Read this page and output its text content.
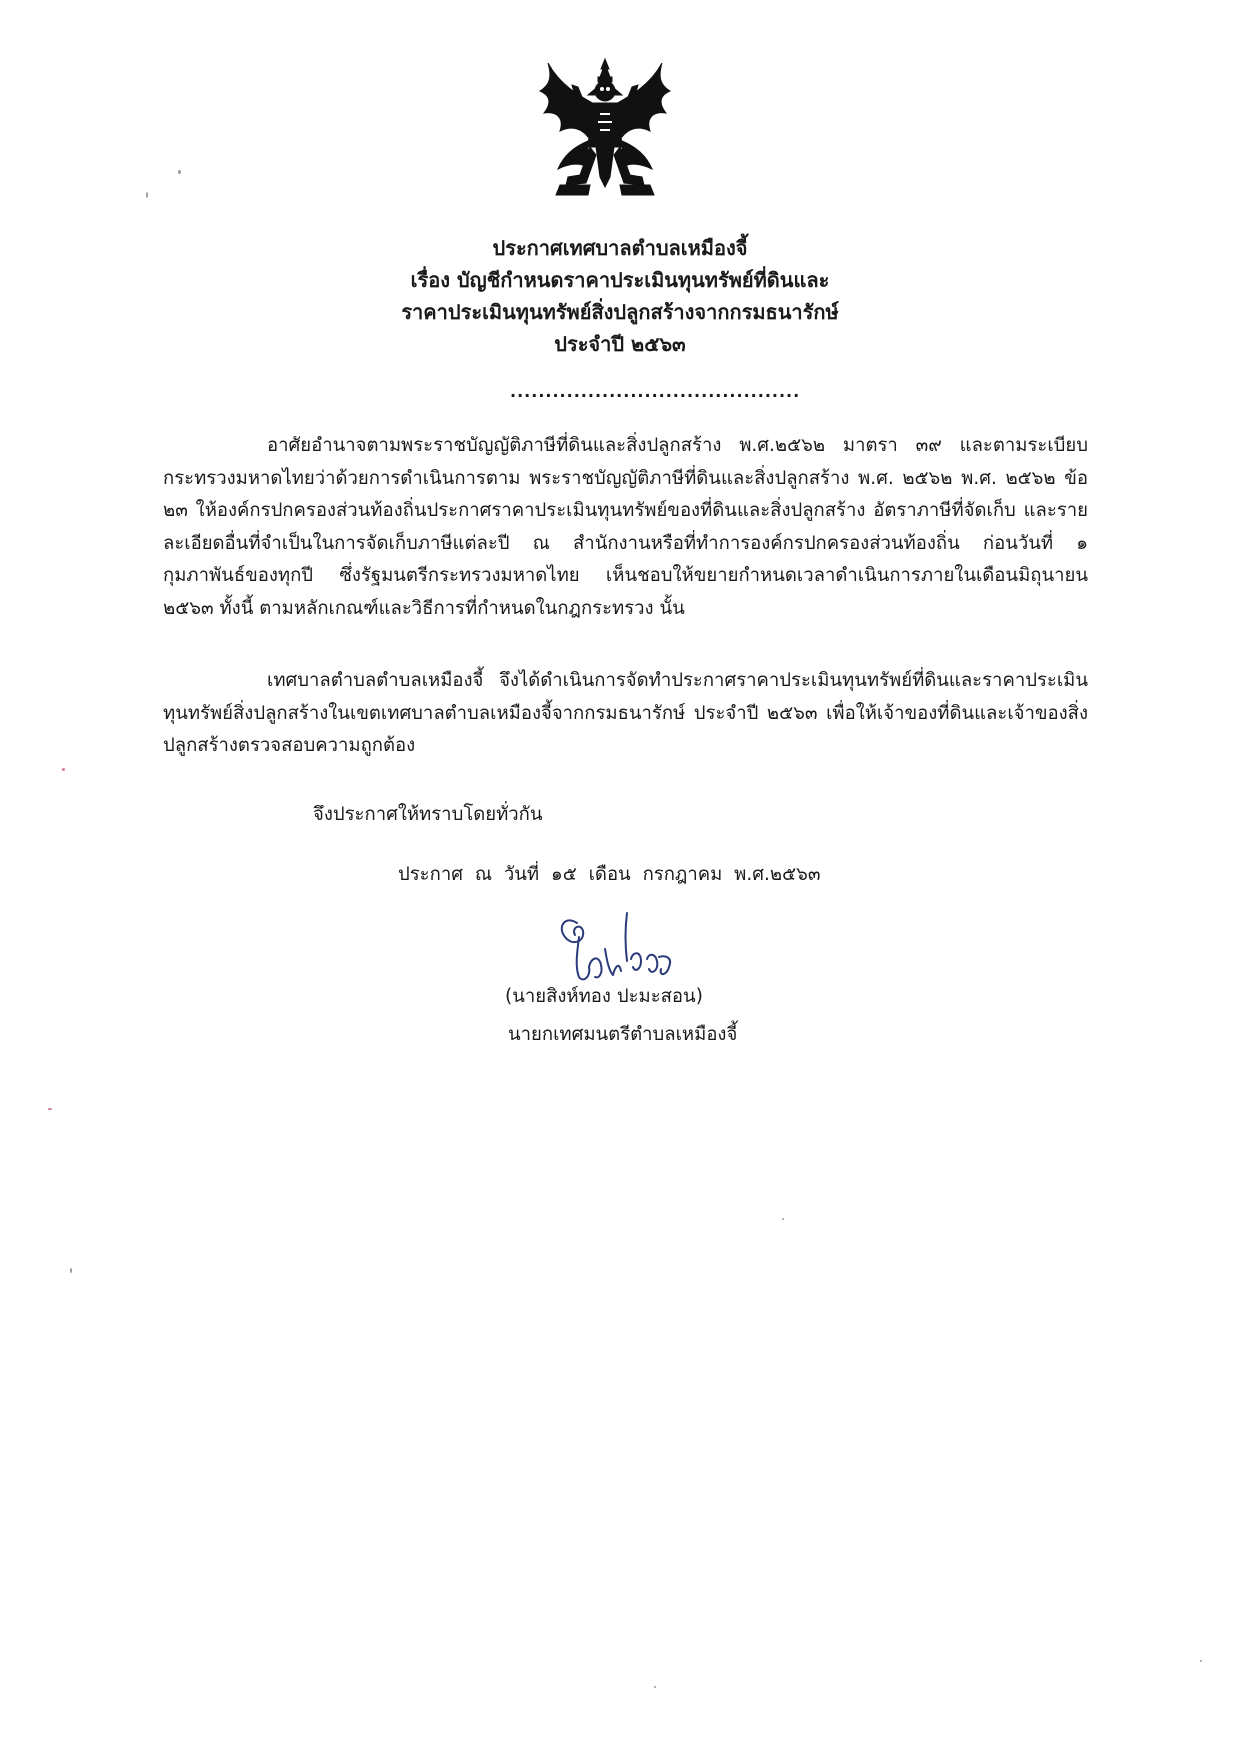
ประกาศเทศบาลตำบลเหมืองจี้
เรื่อง บัญชีกำหนดราคาประเมินทุนทรัพย์ที่ดินและ
ราคาประเมินทุนทรัพย์สิ่งปลูกสร้างจากกรมธนารักษ์
ประจำปี ๒๕๖๓
.........................................
อาศัยอำนาจตามพระราชบัญญัติภาษีที่ดินและสิ่งปลูกสร้าง พ.ศ.๒๕๖๒ มาตรา ๓๙ และตามระเบียบกระทรวงมหาดไทยว่าด้วยการดำเนินการตาม พระราชบัญญัติภาษีที่ดินและสิ่งปลูกสร้าง พ.ศ. ๒๕๖๒ พ.ศ. ๒๕๖๒ ข้อ ๒๓ ให้องค์กรปกครองส่วนท้องถิ่นประกาศราคาประเมินทุนทรัพย์ของที่ดินและสิ่งปลูกสร้าง อัตราภาษีที่จัดเก็บ และรายละเอียดอื่นที่จำเป็นในการจัดเก็บภาษีแต่ละปี ณ สำนักงานหรือที่ทำการองค์กรปกครองส่วนท้องถิ่น ก่อนวันที่ ๑ กุมภาพันธ์ของทุกปี ซึ่งรัฐมนตรีกระทรวงมหาดไทย เห็นชอบให้ขยายกำหนดเวลาดำเนินการภายในเดือนมิถุนายน ๒๕๖๓ ทั้งนี้ ตามหลักเกณฑ์และวิธีการที่กำหนดในกฎกระทรวง นั้น
เทศบาลตำบลตำบลเหมืองจี้ จึงได้ดำเนินการจัดทำประกาศราคาประเมินทุนทรัพย์ที่ดินและราคาประเมินทุนทรัพย์สิ่งปลูกสร้างในเขตเทศบาลตำบลเหมืองจี้จากกรมธนารักษ์ ประจำปี ๒๕๖๓ เพื่อให้เจ้าของที่ดินและเจ้าของสิ่งปลูกสร้างตรวจสอบความถูกต้อง
จึงประกาศให้ทราบโดยทั่วกัน
ประกาศ ณ วันที่ ๑๕ เดือน กรกฎาคม พ.ศ.๒๕๖๓
(นายสิงห์ทอง ปะมะสอน)
นายกเทศมนตรีตำบลเหมืองจี้
